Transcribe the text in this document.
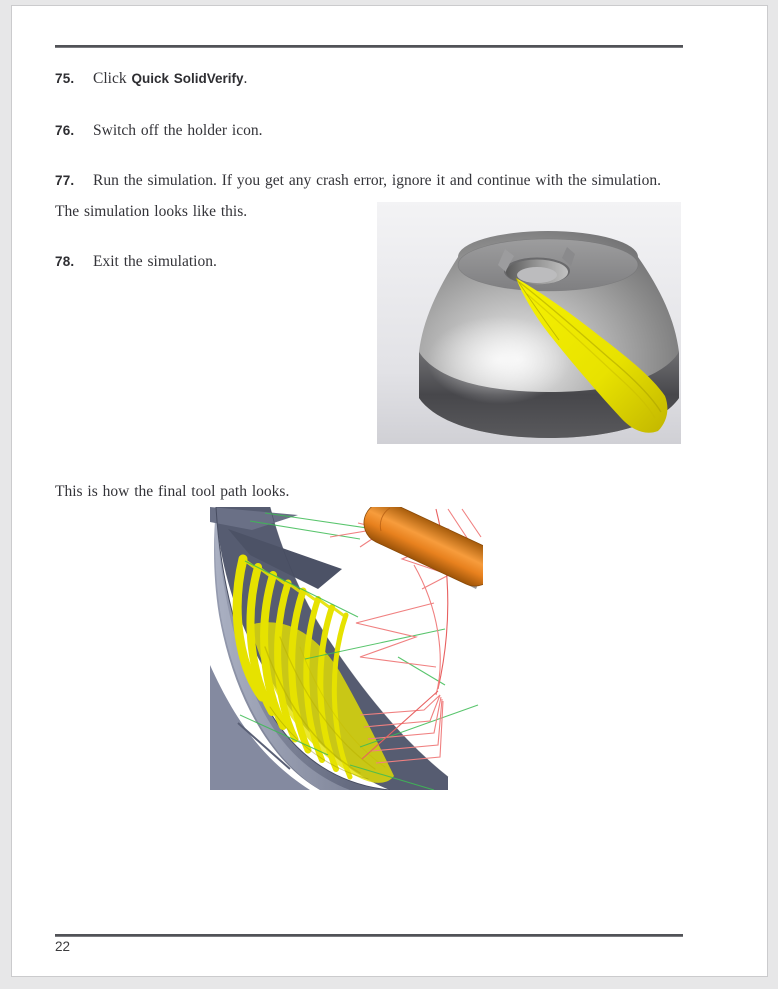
75. Click Quick SolidVerify.
76. Switch off the holder icon.
77. Run the simulation. If you get any crash error, ignore it and continue with the simulation.
The simulation looks like this.
78. Exit the simulation.
This is how the final tool path looks.
22
